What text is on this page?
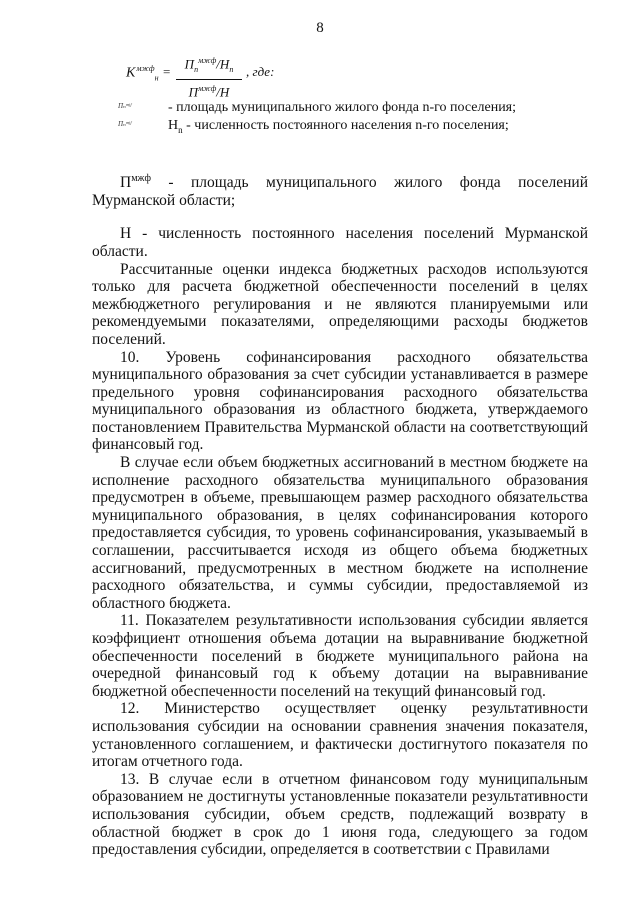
8
$K^{мжф}_н$ =
$П_n^{мжф}/H_n$
$П^{мжф}/H$
, где:
Пₙᵐʲᶠ	- площадь муниципального жилого фонда n-го поселения;
Пₙᵐʲᶠ	$Н_n$ - численность постоянного населения n-го поселения;

$П^{мжф}$ - площадь муниципального жилого фонда поселений Мурманской области;

Н - численность постоянного населения поселений Мурманской области.

Рассчитанные оценки индекса бюджетных расходов используются только для расчета бюджетной обеспеченности поселений в целях межбюджетного регулирования и не являются планируемыми или рекомендуемыми показателями, определяющими расходы бюджетов поселений.

10. Уровень софинансирования расходного обязательства муниципального образования за счет субсидии устанавливается в размере предельного уровня софинансирования расходного обязательства муниципального образования из областного бюджета, утверждаемого постановлением Правительства Мурманской области на соответствующий финансовый год.

В случае если объем бюджетных ассигнований в местном бюджете на исполнение расходного обязательства муниципального образования предусмотрен в объеме, превышающем размер расходного обязательства муниципального образования, в целях софинансирования которого предоставляется субсидия, то уровень софинансирования, указываемый в соглашении, рассчитывается исходя из общего объема бюджетных ассигнований, предусмотренных в местном бюджете на исполнение расходного обязательства, и суммы субсидии, предоставляемой из областного бюджета.

11. Показателем результативности использования субсидии является коэффициент отношения объема дотации на выравнивание бюджетной обеспеченности поселений в бюджете муниципального района на очередной финансовый год к объему дотации на выравнивание бюджетной обеспеченности поселений на текущий финансовый год.

12. Министерство осуществляет оценку результативности использования субсидии на основании сравнения значения показателя, установленного соглашением, и фактически достигнутого показателя по итогам отчетного года.

13. В случае если в отчетном финансовом году муниципальным образованием не достигнуты установленные показатели результативности использования субсидии, объем средств, подлежащий возврату в областной бюджет в срок до 1 июня года, следующего за годом предоставления субсидии, определяется в соответствии с Правилами
